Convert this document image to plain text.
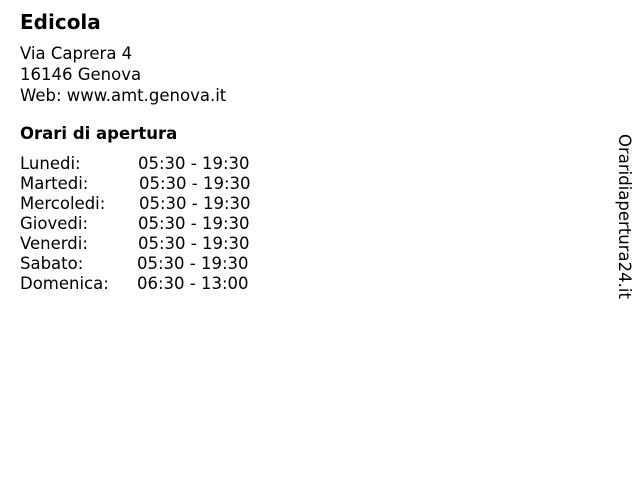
Edicola
Via Caprera 4
16146 Genova
Web: www.amt.genova.it
Orari di apertura
Lunedi:	05:30 - 19:30
Martedi:	05:30 - 19:30
Mercoledi: 05:30 - 19:30
Giovedi:	05:30 - 19:30
Venerdi:	05:30 - 19:30
Sabato:	05:30 - 19:30
Domenica: 06:30 - 13:00	Oraridiapertura24.it
